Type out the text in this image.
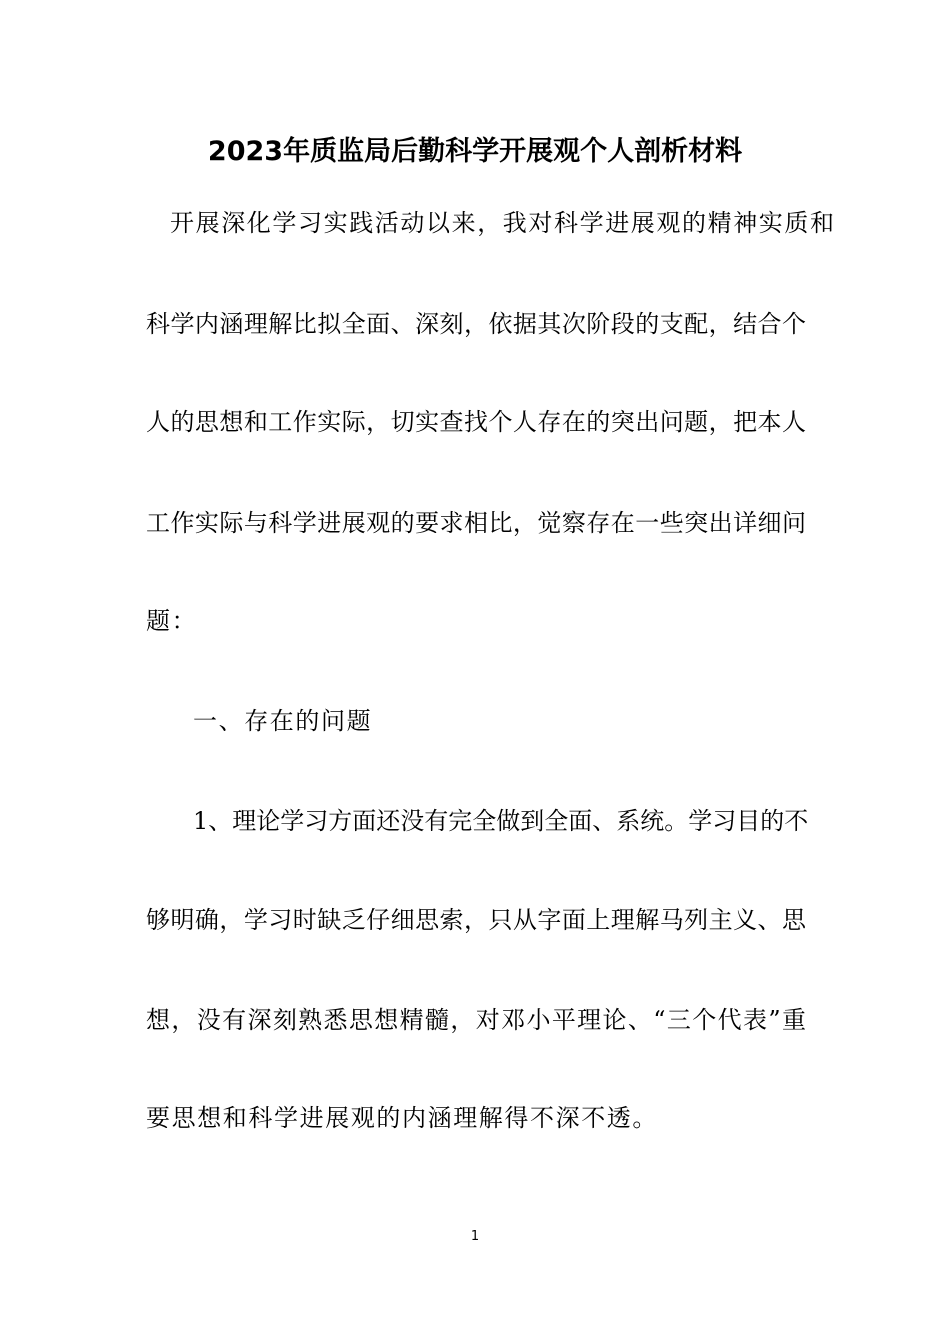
2023年质监局后勤科学开展观个人剖析材料
开展深化学习实践活动以来，我对科学进展观的精神实质和
科学内涵理解比拟全面、深刻，依据其次阶段的支配，结合个
人的思想和工作实际，切实查找个人存在的突出问题，把本人
工作实际与科学进展观的要求相比，觉察存在一些突出详细问
题：
一、存在的问题
1、理论学习方面还没有完全做到全面、系统。学习目的不
够明确，学习时缺乏仔细思索，只从字面上理解马列主义、思
想，没有深刻熟悉思想精髓，对邓小平理论、“三个代表”重
要思想和科学进展观的内涵理解得不深不透。
1
